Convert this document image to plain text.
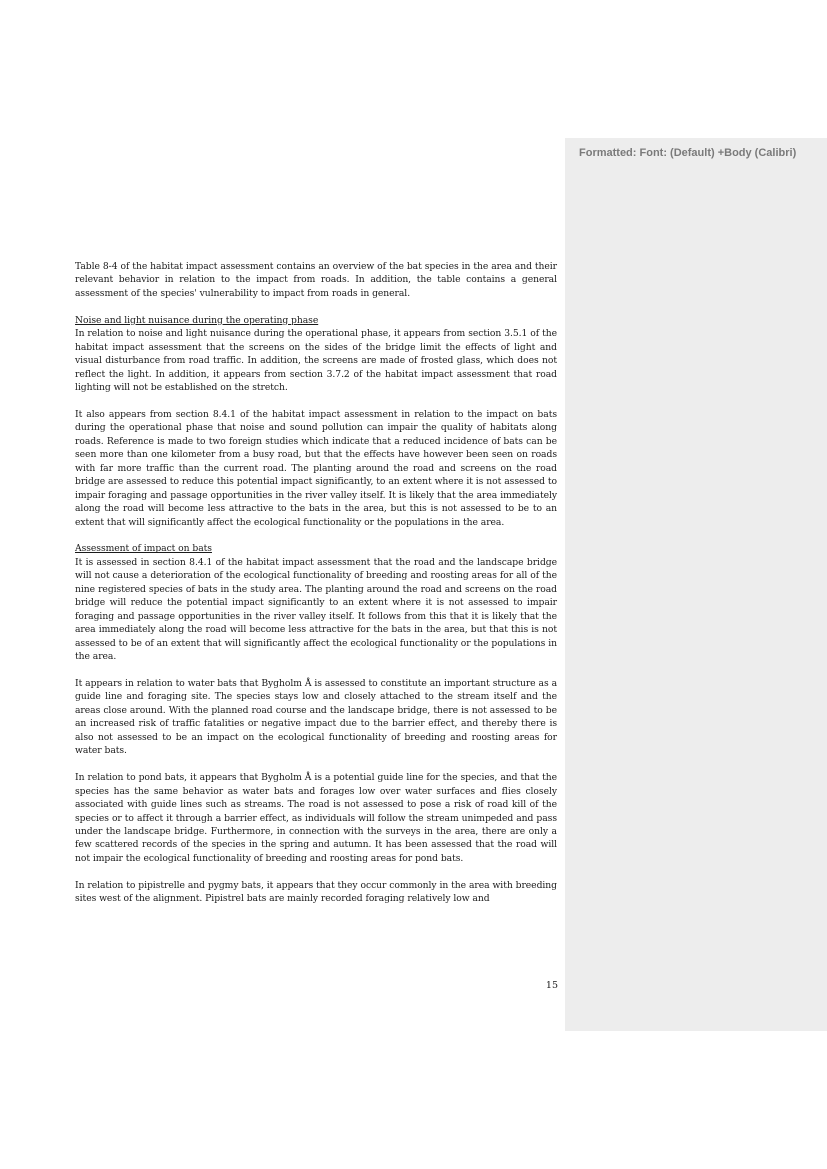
Formatted: Font: (Default) +Body (Calibri)

Table 8-4 of the habitat impact assessment contains an overview of the bat species in the area and their relevant behavior in relation to the impact from roads. In addition, the table contains a general assessment of the species' vulnerability to impact from roads in general.

Noise and light nuisance during the operating phase

In relation to noise and light nuisance during the operational phase, it appears from section 3.5.1 of the habitat impact assessment that the screens on the sides of the bridge limit the effects of light and visual disturbance from road traffic. In addition, the screens are made of frosted glass, which does not reflect the light. In addition, it appears from section 3.7.2 of the habitat impact assessment that road lighting will not be established on the stretch.

It also appears from section 8.4.1 of the habitat impact assessment in relation to the impact on bats during the operational phase that noise and sound pollution can impair the quality of habitats along roads. Reference is made to two foreign studies which indicate that a reduced incidence of bats can be seen more than one kilometer from a busy road, but that the effects have however been seen on roads with far more traffic than the current road. The planting around the road and screens on the road bridge are assessed to reduce this potential impact significantly, to an extent where it is not assessed to impair foraging and passage opportunities in the river valley itself. It is likely that the area immediately along the road will become less attractive to the bats in the area, but this is not assessed to be to an extent that will significantly affect the ecological functionality or the populations in the area.

Assessment of impact on bats

It is assessed in section 8.4.1 of the habitat impact assessment that the road and the landscape bridge will not cause a deterioration of the ecological functionality of breeding and roosting areas for all of the nine registered species of bats in the study area. The planting around the road and screens on the road bridge will reduce the potential impact significantly to an extent where it is not assessed to impair foraging and passage opportunities in the river valley itself. It follows from this that it is likely that the area immediately along the road will become less attractive for the bats in the area, but that this is not assessed to be of an extent that will significantly affect the ecological functionality or the populations in the area.

It appears in relation to water bats that Bygholm Å is assessed to constitute an important structure as a guide line and foraging site. The species stays low and closely attached to the stream itself and the areas close around. With the planned road course and the landscape bridge, there is not assessed to be an increased risk of traffic fatalities or negative impact due to the barrier effect, and thereby there is also not assessed to be an impact on the ecological functionality of breeding and roosting areas for water bats.

In relation to pond bats, it appears that Bygholm Å is a potential guide line for the species, and that the species has the same behavior as water bats and forages low over water surfaces and flies closely associated with guide lines such as streams. The road is not assessed to pose a risk of road kill of the species or to affect it through a barrier effect, as individuals will follow the stream unimpeded and pass under the landscape bridge. Furthermore, in connection with the surveys in the area, there are only a few scattered records of the species in the spring and autumn. It has been assessed that the road will not impair the ecological functionality of breeding and roosting areas for pond bats.

In relation to pipistrelle and pygmy bats, it appears that they occur commonly in the area with breeding sites west of the alignment. Pipistrel bats are mainly recorded foraging relatively low and

15
